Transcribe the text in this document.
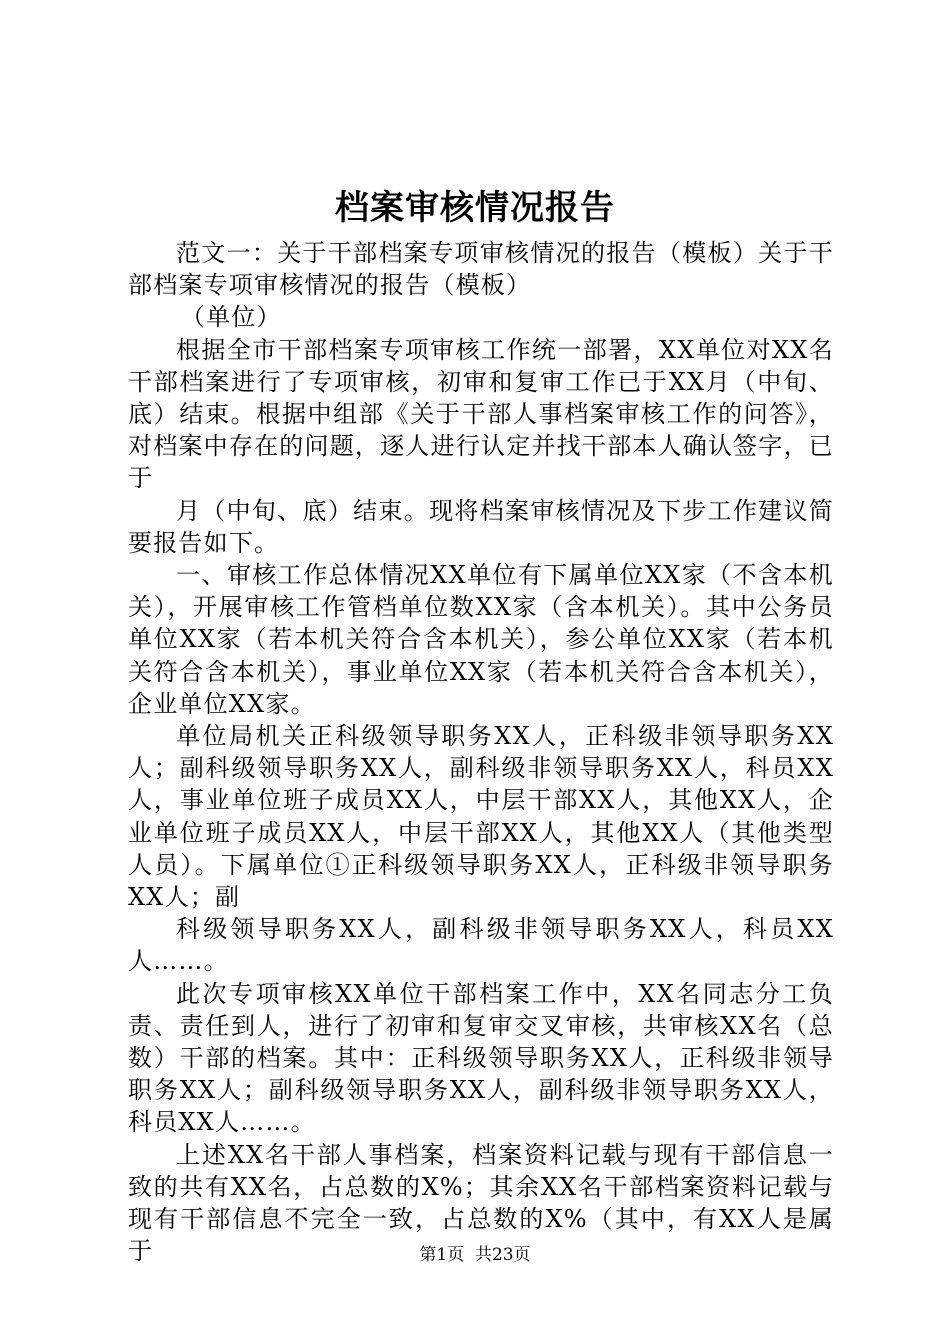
档案审核情况报告

范文一：关于干部档案专项审核情况的报告（模板）关于干部档案专项审核情况的报告（模板）

（单位）

根据全市干部档案专项审核工作统一部署，XX单位对XX名干部档案进行了专项审核，初审和复审工作已于XX月（中旬、底）结束。根据中组部《关于干部人事档案审核工作的问答》，对档案中存在的问题，逐人进行认定并找干部本人确认签字，已于

月（中旬、底）结束。现将档案审核情况及下步工作建议简要报告如下。

一、审核工作总体情况XX单位有下属单位XX家（不含本机关），开展审核工作管档单位数XX家（含本机关）。其中公务员单位XX家（若本机关符合含本机关），参公单位XX家（若本机关符合含本机关），事业单位XX家（若本机关符合含本机关），企业单位XX家。

单位局机关正科级领导职务XX人，正科级非领导职务XX人；副科级领导职务XX人，副科级非领导职务XX人，科员XX人，事业单位班子成员XX人，中层干部XX人，其他XX人，企业单位班子成员XX人，中层干部XX人，其他XX人（其他类型人员）。下属单位①正科级领导职务XX人，正科级非领导职务XX人；副

科级领导职务XX人，副科级非领导职务XX人，科员XX人……。

此次专项审核XX单位干部档案工作中，XX名同志分工负责、责任到人，进行了初审和复审交叉审核，共审核XX名（总数）干部的档案。其中：正科级领导职务XX人，正科级非领导职务XX人；副科级领导职务XX人，副科级非领导职务XX人，科员XX人……。

上述XX名干部人事档案，档案资料记载与现有干部信息一致的共有XX名，占总数的X%；其余XX名干部档案资料记载与现有干部信息不完全一致，占总数的X%（其中，有XX人是属于	第1页  共23页
